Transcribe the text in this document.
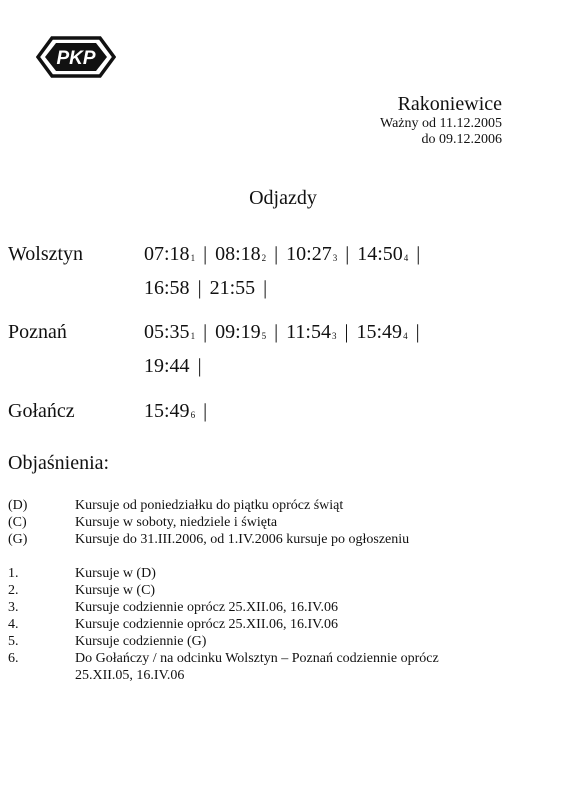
PKP
Rakoniewice
Ważny od 11.12.2005
do 09.12.2006
Odjazdy
Wolsztyn	$07:18_1$ | $08:18_2$ | $10:27_3$ | $14:50_4$ | 16:58 | 21:55 |
Poznań	$05:35_1$ | $09:19_5$ | $11:54_3$ | $15:49_4$ | 19:44 |
Gołańcz	$15:49_6$ |
Objaśnienia:
(D)	Kursuje od poniedziałku do piątku oprócz świąt
(C)	Kursuje w soboty, niedziele i święta
(G)	Kursuje do 31.III.2006, od 1.IV.2006 kursuje po ogłoszeniu
1.	Kursuje w (D)
2.	Kursuje w (C)
3.	Kursuje codziennie oprócz 25.XII.06, 16.IV.06
4.	Kursuje codziennie oprócz 25.XII.06, 16.IV.06
5.	Kursuje codziennie (G)
6.	Do Gołańczy / na odcinku Wolsztyn – Poznań codziennie oprócz 25.XII.05, 16.IV.06
